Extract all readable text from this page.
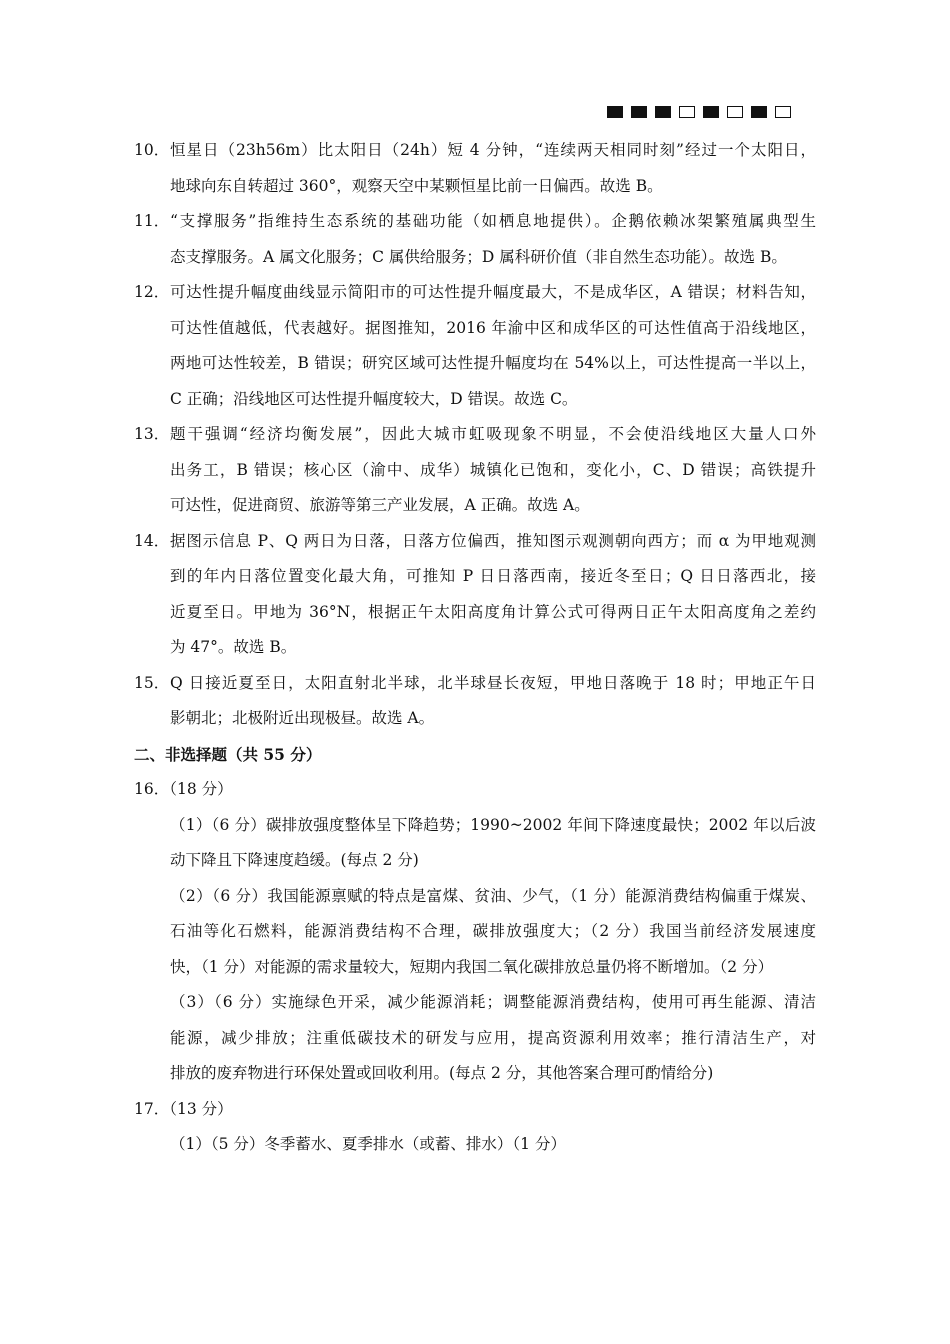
10． 恒星日（23h56m）比太阳日（24h）短 4 分钟，“连续两天相同时刻”经过一个太阳日，
地球向东自转超过 360°，观察天空中某颗恒星比前一日偏西。故选 B。
11． “支撑服务”指维持生态系统的基础功能（如栖息地提供）。企鹅依赖冰架繁殖属典型生
态支撑服务。A 属文化服务；C 属供给服务；D 属科研价值（非自然生态功能）。故选 B。
12． 可达性提升幅度曲线显示简阳市的可达性提升幅度最大，不是成华区，A 错误；材料告知，
可达性值越低，代表越好。据图推知，2016 年渝中区和成华区的可达性值高于沿线地区，
两地可达性较差，B 错误；研究区域可达性提升幅度均在 54%以上，可达性提高一半以上，
C 正确；沿线地区可达性提升幅度较大，D 错误。故选 C。
13． 题干强调“经济均衡发展”，因此大城市虹吸现象不明显，不会使沿线地区大量人口外
出务工，B 错误；核心区（渝中、成华）城镇化已饱和，变化小，C、D 错误；高铁提升
可达性，促进商贸、旅游等第三产业发展，A 正确。故选 A。
14． 据图示信息 P、Q 两日为日落，日落方位偏西，推知图示观测朝向西方；而 α 为甲地观测
到的年内日落位置变化最大角，可推知 P 日日落西南，接近冬至日；Q 日日落西北，接
近夏至日。甲地为 36°N，根据正午太阳高度角计算公式可得两日正午太阳高度角之差约
为 47°。故选 B。
15． Q 日接近夏至日，太阳直射北半球，北半球昼长夜短，甲地日落晚于 18 时；甲地正午日
影朝北；北极附近出现极昼。故选 A。
二、非选择题（共 55 分）
16．（18 分）
（1）（6 分）碳排放强度整体呈下降趋势；1990~2002 年间下降速度最快；2002 年以后波
动下降且下降速度趋缓。(每点 2 分)
（2）（6 分）我国能源禀赋的特点是富煤、贫油、少气，（1 分）能源消费结构偏重于煤炭、
石油等化石燃料，能源消费结构不合理，碳排放强度大；（2 分）我国当前经济发展速度
快，（1 分）对能源的需求量较大，短期内我国二氧化碳排放总量仍将不断增加。（2 分）
（3）（6 分）实施绿色开采，减少能源消耗；调整能源消费结构，使用可再生能源、清洁
能源，减少排放；注重低碳技术的研发与应用，提高资源利用效率；推行清洁生产，对
排放的废弃物进行环保处置或回收利用。(每点 2 分，其他答案合理可酌情给分)
17．（13 分）
（1）（5 分）冬季蓄水、夏季排水（或蓄、排水）（1 分）
